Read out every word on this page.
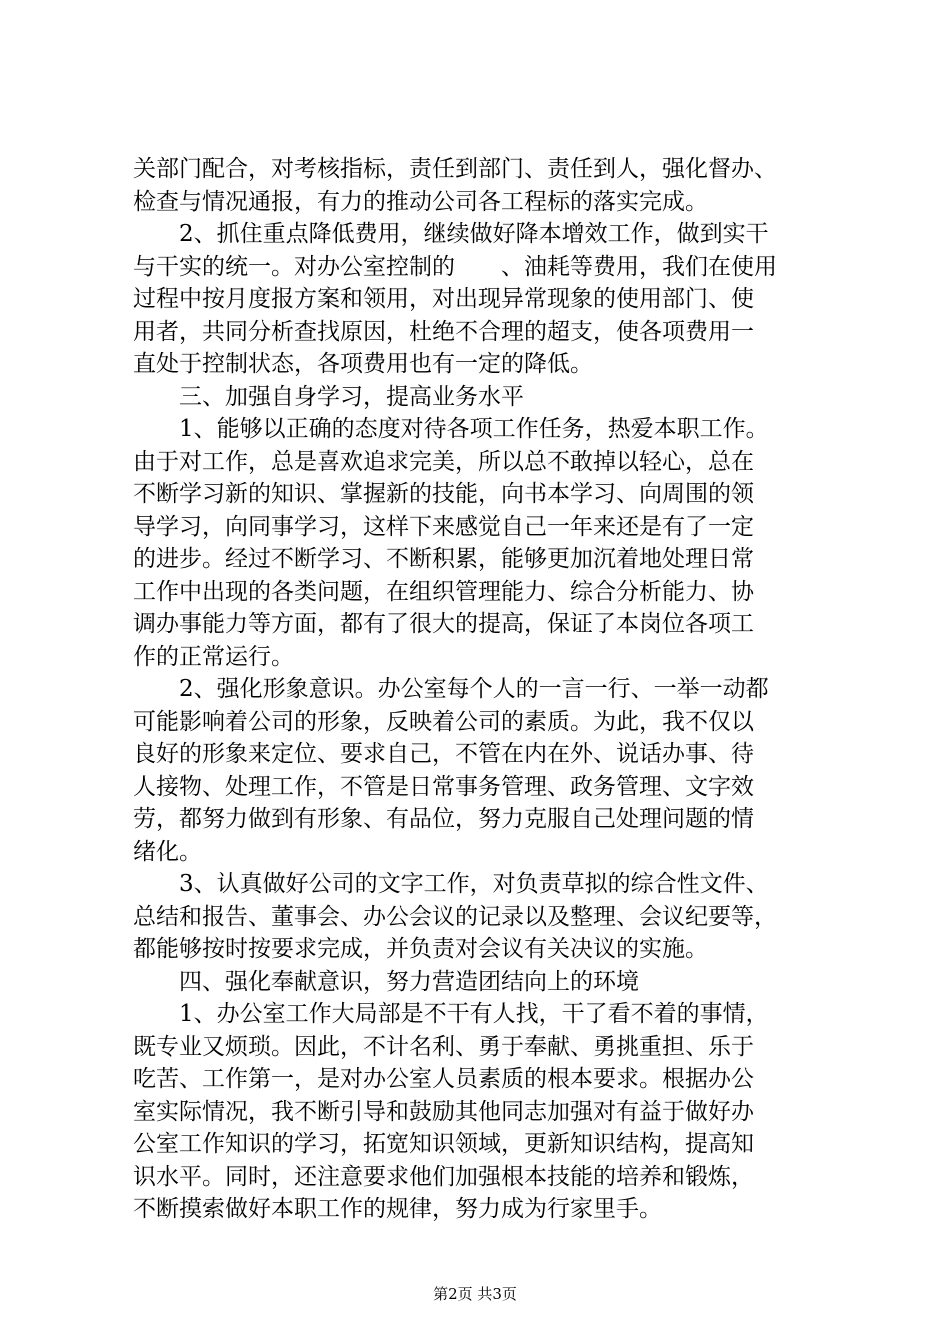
关部门配合，对考核指标，责任到部门、责任到人，强化督办、
检查与情况通报，有力的推动公司各工程标的落实完成。
　　2、抓住重点降低费用，继续做好降本增效工作，做到实干
与干实的统一。对办公室控制的　　、油耗等费用，我们在使用
过程中按月度报方案和领用，对出现异常现象的使用部门、使
用者，共同分析查找原因，杜绝不合理的超支，使各项费用一
直处于控制状态，各项费用也有一定的降低。
　　三、加强自身学习，提高业务水平
　　1、能够以正确的态度对待各项工作任务，热爱本职工作。
由于对工作，总是喜欢追求完美，所以总不敢掉以轻心，总在
不断学习新的知识、掌握新的技能，向书本学习、向周围的领
导学习，向同事学习，这样下来感觉自己一年来还是有了一定
的进步。经过不断学习、不断积累，能够更加沉着地处理日常
工作中出现的各类问题，在组织管理能力、综合分析能力、协
调办事能力等方面，都有了很大的提高，保证了本岗位各项工
作的正常运行。
　　2、强化形象意识。办公室每个人的一言一行、一举一动都
可能影响着公司的形象，反映着公司的素质。为此，我不仅以
良好的形象来定位、要求自己，不管在内在外、说话办事、待
人接物、处理工作，不管是日常事务管理、政务管理、文字效
劳，都努力做到有形象、有品位，努力克服自己处理问题的情
绪化。
　　3、认真做好公司的文字工作，对负责草拟的综合性文件、
总结和报告、董事会、办公会议的记录以及整理、会议纪要等，
都能够按时按要求完成，并负责对会议有关决议的实施。
　　四、强化奉献意识，努力营造团结向上的环境
　　1、办公室工作大局部是不干有人找，干了看不着的事情，
既专业又烦琐。因此，不计名利、勇于奉献、勇挑重担、乐于
吃苦、工作第一，是对办公室人员素质的根本要求。根据办公
室实际情况，我不断引导和鼓励其他同志加强对有益于做好办
公室工作知识的学习，拓宽知识领域，更新知识结构，提高知
识水平。同时，还注意要求他们加强根本技能的培养和锻炼，
不断摸索做好本职工作的规律，努力成为行家里手。
第2页 共3页
